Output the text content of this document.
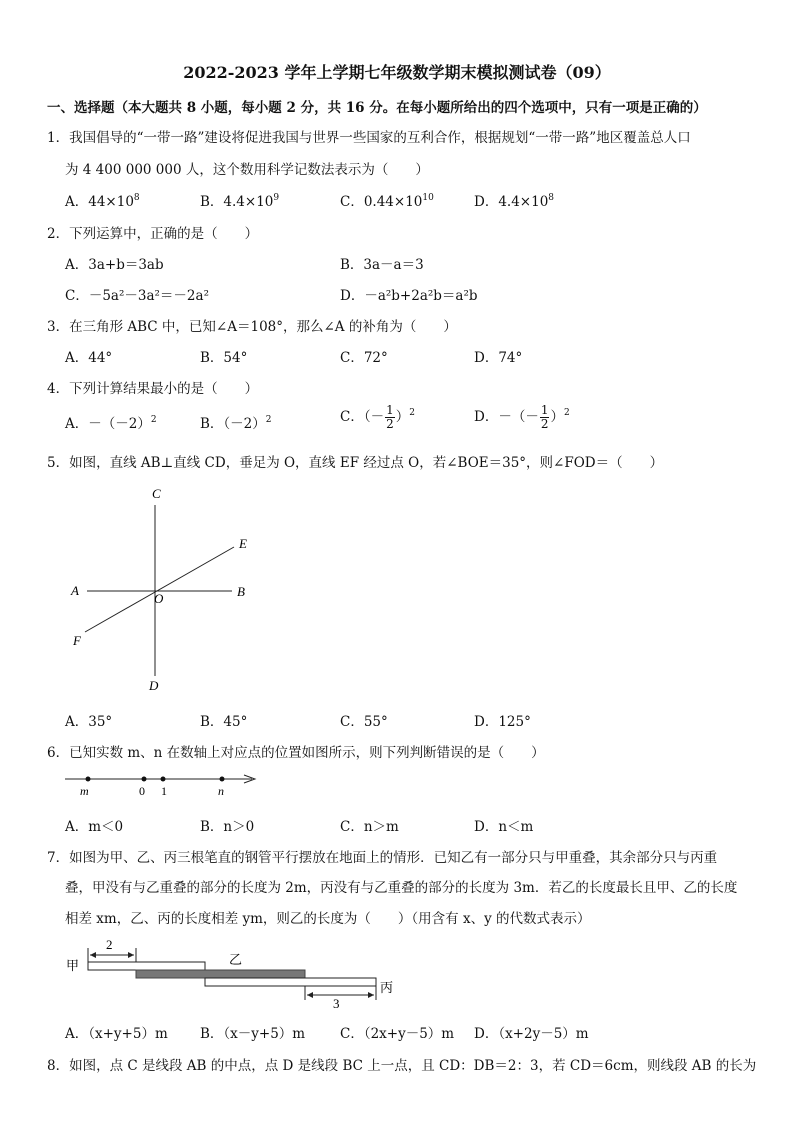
2022-2023 学年上学期七年级数学期末模拟测试卷（09）
一、选择题（本大题共 8 小题，每小题 2 分，共 16 分。在每小题所给出的四个选项中，只有一项是正确的）
1．我国倡导的“一带一路”建设将促进我国与世界一些国家的互利合作，根据规划“一带一路”地区覆盖总人口
为 4 400 000 000 人，这个数用科学记数法表示为（　　）
A．$44\times 10^8$	B．$4.4\times 10^9$	C．$0.44\times 10^{10}$	D．$4.4\times 10^8$
2．下列运算中，正确的是（　　）
A．3a+b＝3ab	B．3a－a＝3
C．－5a²－3a²＝－2a²	D．－a²b+2a²b＝a²b
3．在三角形 ABC 中，已知∠A＝108°，那么∠A 的补角为（　　）
A．44°	B．54°	C．72°	D．74°
4．下列计算结果最小的是（　　）
A．$-(-2)^2$	B．$(-2)^2$	C．（－ $\frac{1}{2} )^2$	D．－（－ $\frac{1}{2} )^2$
5．如图，直线 AB⊥直线 CD，垂足为 O，直线 EF 经过点 O，若∠BOE＝35°，则∠FOD＝（　　）
C
D
A	B
E
F
O
m	0 1	n
甲	乙
丙
2
3
A．35°	B．45°	C．55°	D．125°
6．已知实数 m、n 在数轴上对应点的位置如图所示，则下列判断错误的是（　　）
A．m＜0	B．n＞0	C．n＞m	D．n＜m
7．如图为甲、乙、丙三根笔直的钢管平行摆放在地面上的情形．已知乙有一部分只与甲重叠，其余部分只与丙重
叠，甲没有与乙重叠的部分的长度为 2m，丙没有与乙重叠的部分的长度为 3m．若乙的长度最长且甲、乙的长度
相差 xm，乙、丙的长度相差 ym，则乙的长度为（　　）（用含有 x、y 的代数式表示）
A．（x+y+5）m B．（x－y+5）m	C．（2x+y－5）m D．（x+2y－5）m
8．如图，点 C 是线段 AB 的中点，点 D 是线段 BC 上一点，且 CD：DB＝2：3，若 CD＝6cm，则线段 AB 的长为
